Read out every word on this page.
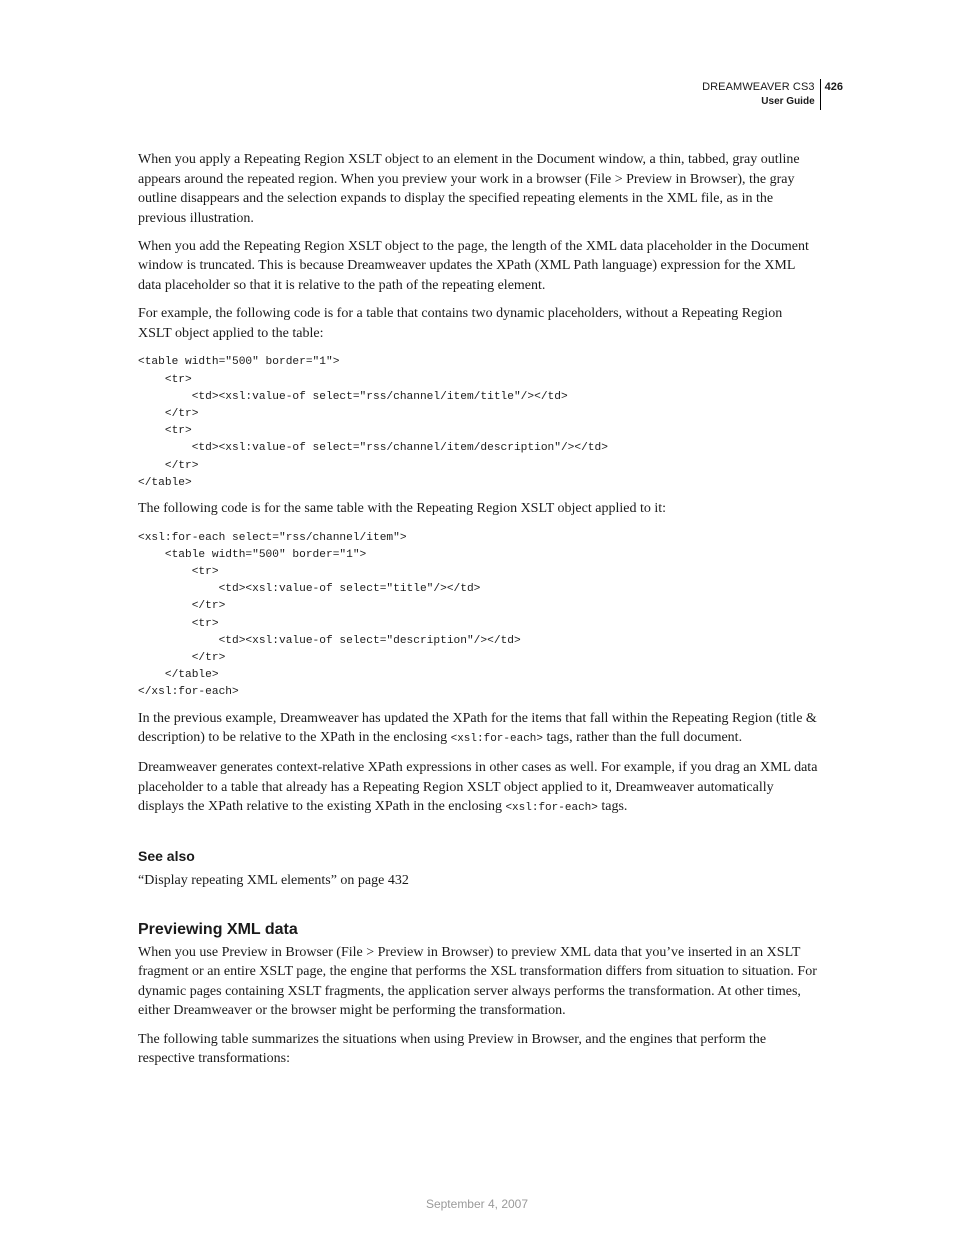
DREAMWEAVER CS3
User Guide
426

When you apply a Repeating Region XSLT object to an element in the Document window, a thin, tabbed, gray outline appears around the repeated region. When you preview your work in a browser (File > Preview in Browser), the gray outline disappears and the selection expands to display the specified repeating elements in the XML file, as in the previous illustration.

When you add the Repeating Region XSLT object to the page, the length of the XML data placeholder in the Document window is truncated. This is because Dreamweaver updates the XPath (XML Path language) expression for the XML data placeholder so that it is relative to the path of the repeating element.

For example, the following code is for a table that contains two dynamic placeholders, without a Repeating Region XSLT object applied to the table:

<table width="500" border="1">
<tr>
<td><xsl:value-of select="rss/channel/item/title"/></td>
</tr>
<tr>
<td><xsl:value-of select="rss/channel/item/description"/></td>
</tr>
</table>

The following code is for the same table with the Repeating Region XSLT object applied to it:

<xsl:for-each select="rss/channel/item">
<table width="500" border="1">
<tr>
<td><xsl:value-of select="title"/></td>
</tr>
<tr>
<td><xsl:value-of select="description"/></td>
</tr>
</table>
</xsl:for-each>

In the previous example, Dreamweaver has updated the XPath for the items that fall within the Repeating Region (title & description) to be relative to the XPath in the enclosing <xsl:for-each> tags, rather than the full document.

Dreamweaver generates context-relative XPath expressions in other cases as well. For example, if you drag an XML data placeholder to a table that already has a Repeating Region XSLT object applied to it, Dreamweaver automatically displays the XPath relative to the existing XPath in the enclosing <xsl:for-each> tags.

See also

“Display repeating XML elements” on page 432

Previewing XML data

When you use Preview in Browser (File > Preview in Browser) to preview XML data that you’ve inserted in an XSLT fragment or an entire XSLT page, the engine that performs the XSL transformation differs from situation to situation. For dynamic pages containing XSLT fragments, the application server always performs the transformation. At other times, either Dreamweaver or the browser might be performing the transformation.

The following table summarizes the situations when using Preview in Browser, and the engines that perform the respective transformations:

September 4, 2007
